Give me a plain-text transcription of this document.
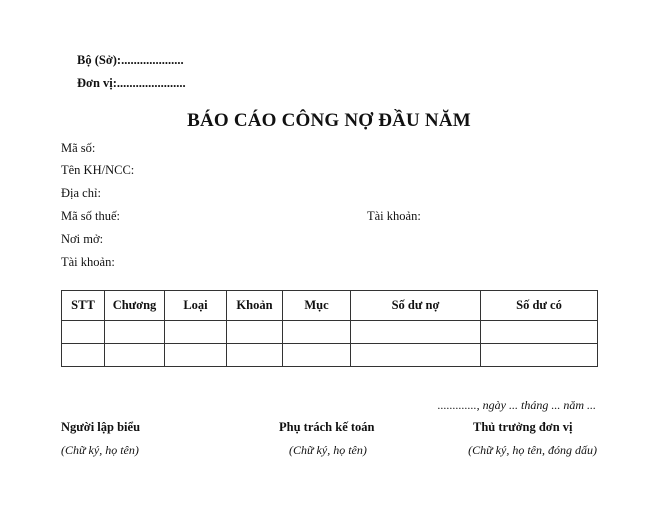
Bộ (Sở):....................
Đơn vị:......................
BÁO CÁO CÔNG NỢ ĐẦU NĂM
Mã số:
Tên KH/NCC:
Địa chỉ:
Mã số thuế:	Tài khoản:
Nơi mở:
Tài khoản:
STT	Chương	Loại	Khoản	Mục	Số dư nợ	Số dư có

............., ngày ... tháng ... năm ...
Người lập biểu
(Chữ ký, họ tên)
Phụ trách kế toán
(Chữ ký, họ tên)
Thủ trưởng đơn vị
(Chữ ký, họ tên, đóng dấu)
